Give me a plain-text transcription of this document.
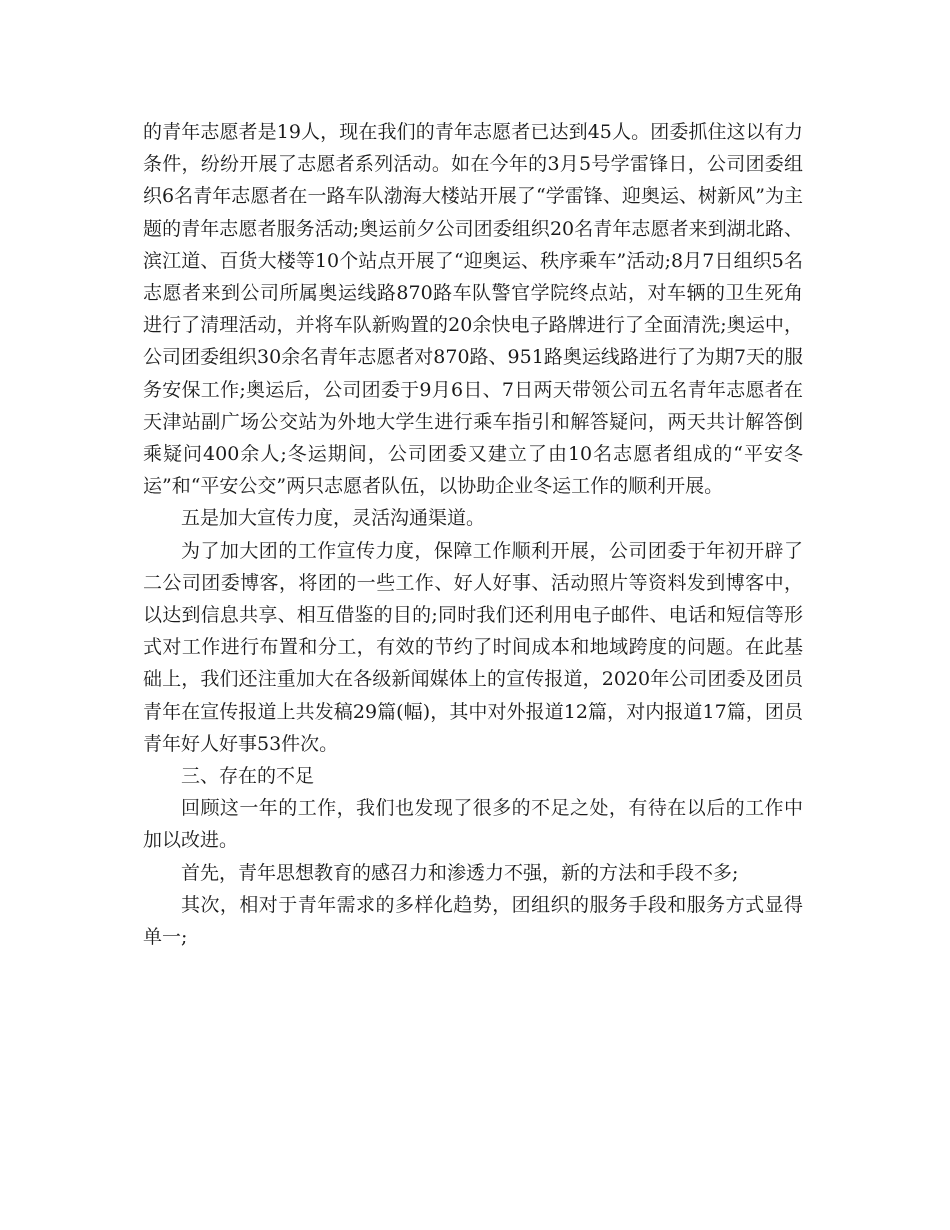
的青年志愿者是19人，现在我们的青年志愿者已达到45人。团委抓住这以有力条件，纷纷开展了志愿者系列活动。如在今年的3月5号学雷锋日，公司团委组织6名青年志愿者在一路车队渤海大楼站开展了“学雷锋、迎奥运、树新风”为主题的青年志愿者服务活动;奥运前夕公司团委组织20名青年志愿者来到湖北路、滨江道、百货大楼等10个站点开展了“迎奥运、秩序乘车”活动;8月7日组织5名志愿者来到公司所属奥运线路870路车队警官学院终点站，对车辆的卫生死角进行了清理活动，并将车队新购置的20余快电子路牌进行了全面清洗;奥运中，公司团委组织30余名青年志愿者对870路、951路奥运线路进行了为期7天的服务安保工作;奥运后，公司团委于9月6日、7日两天带领公司五名青年志愿者在天津站副广场公交站为外地大学生进行乘车指引和解答疑问，两天共计解答倒乘疑问400余人;冬运期间，公司团委又建立了由10名志愿者组成的“平安冬运”和“平安公交”两只志愿者队伍，以协助企业冬运工作的顺利开展。

五是加大宣传力度，灵活沟通渠道。

为了加大团的工作宣传力度，保障工作顺利开展，公司团委于年初开辟了二公司团委博客，将团的一些工作、好人好事、活动照片等资料发到博客中，以达到信息共享、相互借鉴的目的;同时我们还利用电子邮件、电话和短信等形式对工作进行布置和分工，有效的节约了时间成本和地域跨度的问题。在此基础上，我们还注重加大在各级新闻媒体上的宣传报道，2020年公司团委及团员青年在宣传报道上共发稿29篇(幅)，其中对外报道12篇，对内报道17篇，团员青年好人好事53件次。

三、存在的不足

回顾这一年的工作，我们也发现了很多的不足之处，有待在以后的工作中加以改进。

首先，青年思想教育的感召力和渗透力不强，新的方法和手段不多;

其次，相对于青年需求的多样化趋势，团组织的服务手段和服务方式显得单一;
